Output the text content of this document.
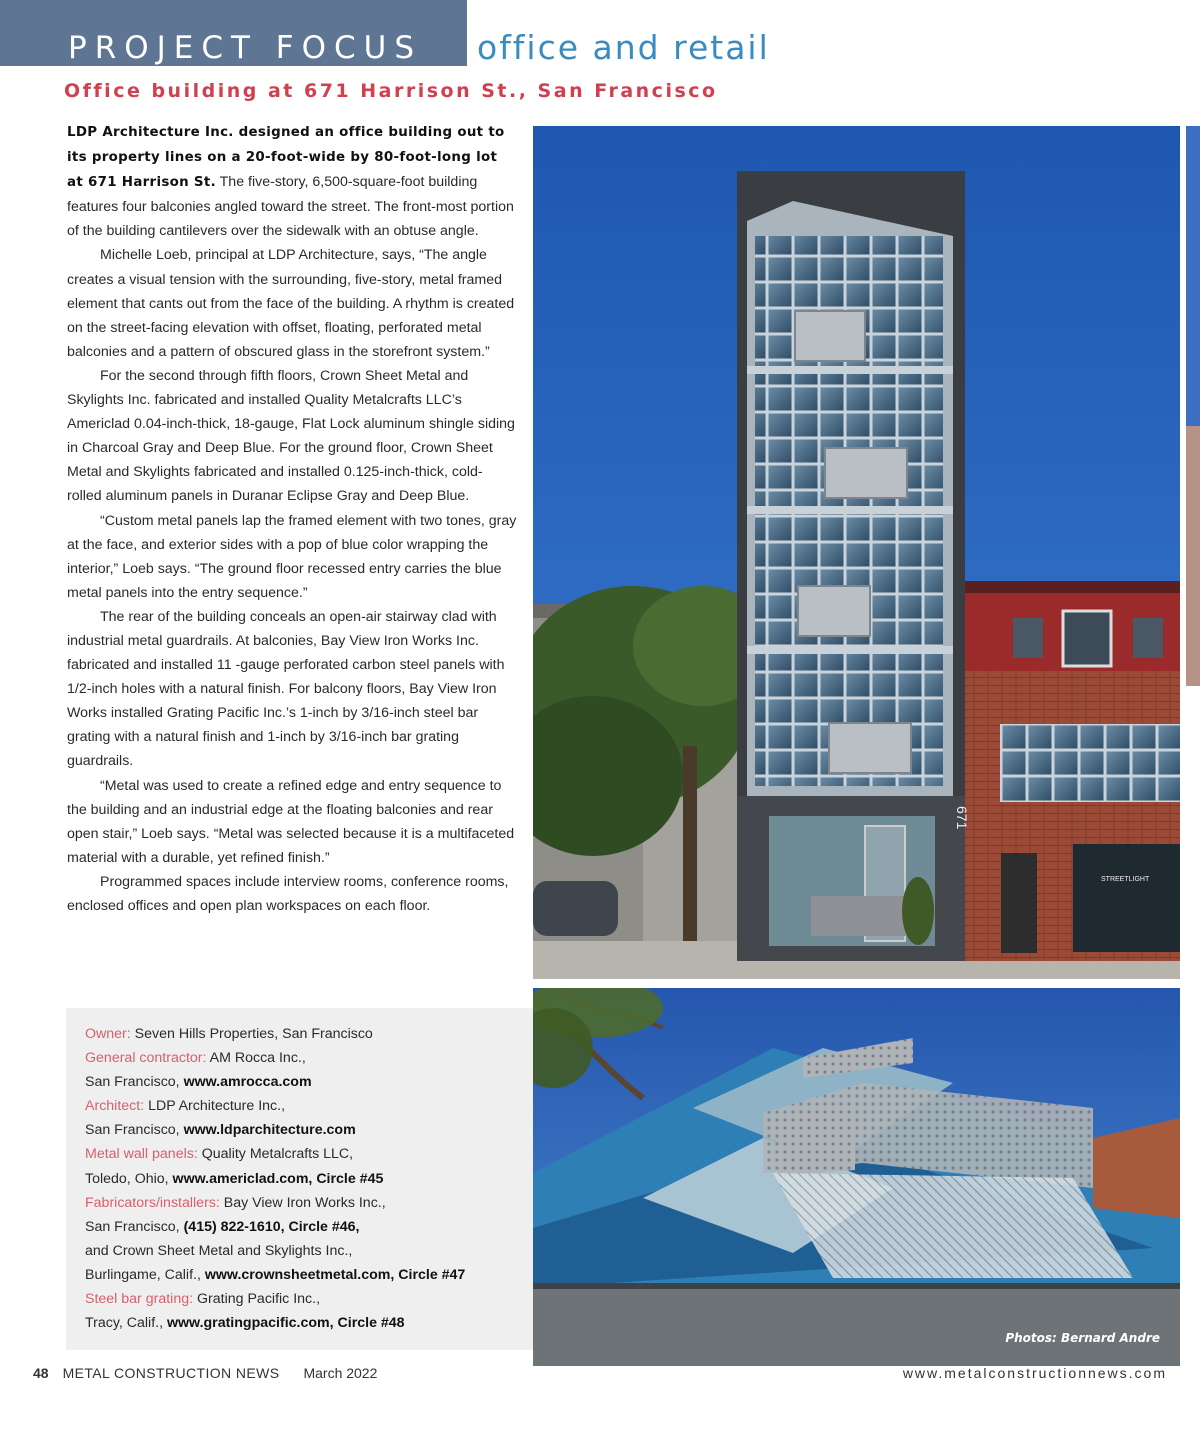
PROJECT FOCUS office and retail
Office building at 671 Harrison St., San Francisco

LDP Architecture Inc. designed an office building out to its property lines on a 20-foot-wide by 80-foot-long lot at 671 Harrison St. The five-story, 6,500-square-foot building features four balconies angled toward the street. The front-most portion of the building cantilevers over the sidewalk with an obtuse angle.

Michelle Loeb, principal at LDP Architecture, says, “The angle creates a visual tension with the surrounding, five-story, metal framed element that cants out from the face of the building. A rhythm is created on the street-facing elevation with offset, floating, perforated metal balconies and a pattern of obscured glass in the storefront system.”

For the second through fifth floors, Crown Sheet Metal and Skylights Inc. fabricated and installed Quality Metalcrafts LLC’s Americlad 0.04-inch-thick, 18-gauge, Flat Lock aluminum shingle siding in Charcoal Gray and Deep Blue. For the ground floor, Crown Sheet Metal and Skylights fabricated and installed 0.125-inch-thick, cold-rolled aluminum panels in Duranar Eclipse Gray and Deep Blue.

“Custom metal panels lap the framed element with two tones, gray at the face, and exterior sides with a pop of blue color wrapping the interior,” Loeb says. “The ground floor recessed entry carries the blue metal panels into the entry sequence.”

The rear of the building conceals an open-air stairway clad with industrial metal guardrails. At balconies, Bay View Iron Works Inc. fabricated and installed 11 -gauge perforated carbon steel panels with 1/2-inch holes with a natural finish. For balcony floors, Bay View Iron Works installed Grating Pacific Inc.’s 1-inch by 3/16-inch steel bar grating with a natural finish and 1-inch by 3/16-inch bar grating guardrails.

“Metal was used to create a refined edge and entry sequence to the building and an industrial edge at the floating balconies and rear open stair,” Loeb says. “Metal was selected because it is a multifaceted material with a durable, yet refined finish.”

Programmed spaces include interview rooms, conference rooms, enclosed offices and open plan workspaces on each floor.

Owner: Seven Hills Properties, San Francisco
General contractor: AM Rocca Inc.,
San Francisco, www.amrocca.com
Architect: LDP Architecture Inc.,
San Francisco, www.ldparchitecture.com
Metal wall panels: Quality Metalcrafts LLC,
Toledo, Ohio, www.americlad.com, Circle #45
Fabricators/installers: Bay View Iron Works Inc.,
San Francisco, (415) 822-1610, Circle #46,
and Crown Sheet Metal and Skylights Inc.,
Burlingame, Calif., www.crownsheetmetal.com, Circle #47
Steel bar grating: Grating Pacific Inc.,
Tracy, Calif., www.gratingpacific.com, Circle #48
STREETLIGHT
671
Photos: Bernard Andre
48 METAL CONSTRUCTION NEWS March 2022	www.metalconstructionnews.com
